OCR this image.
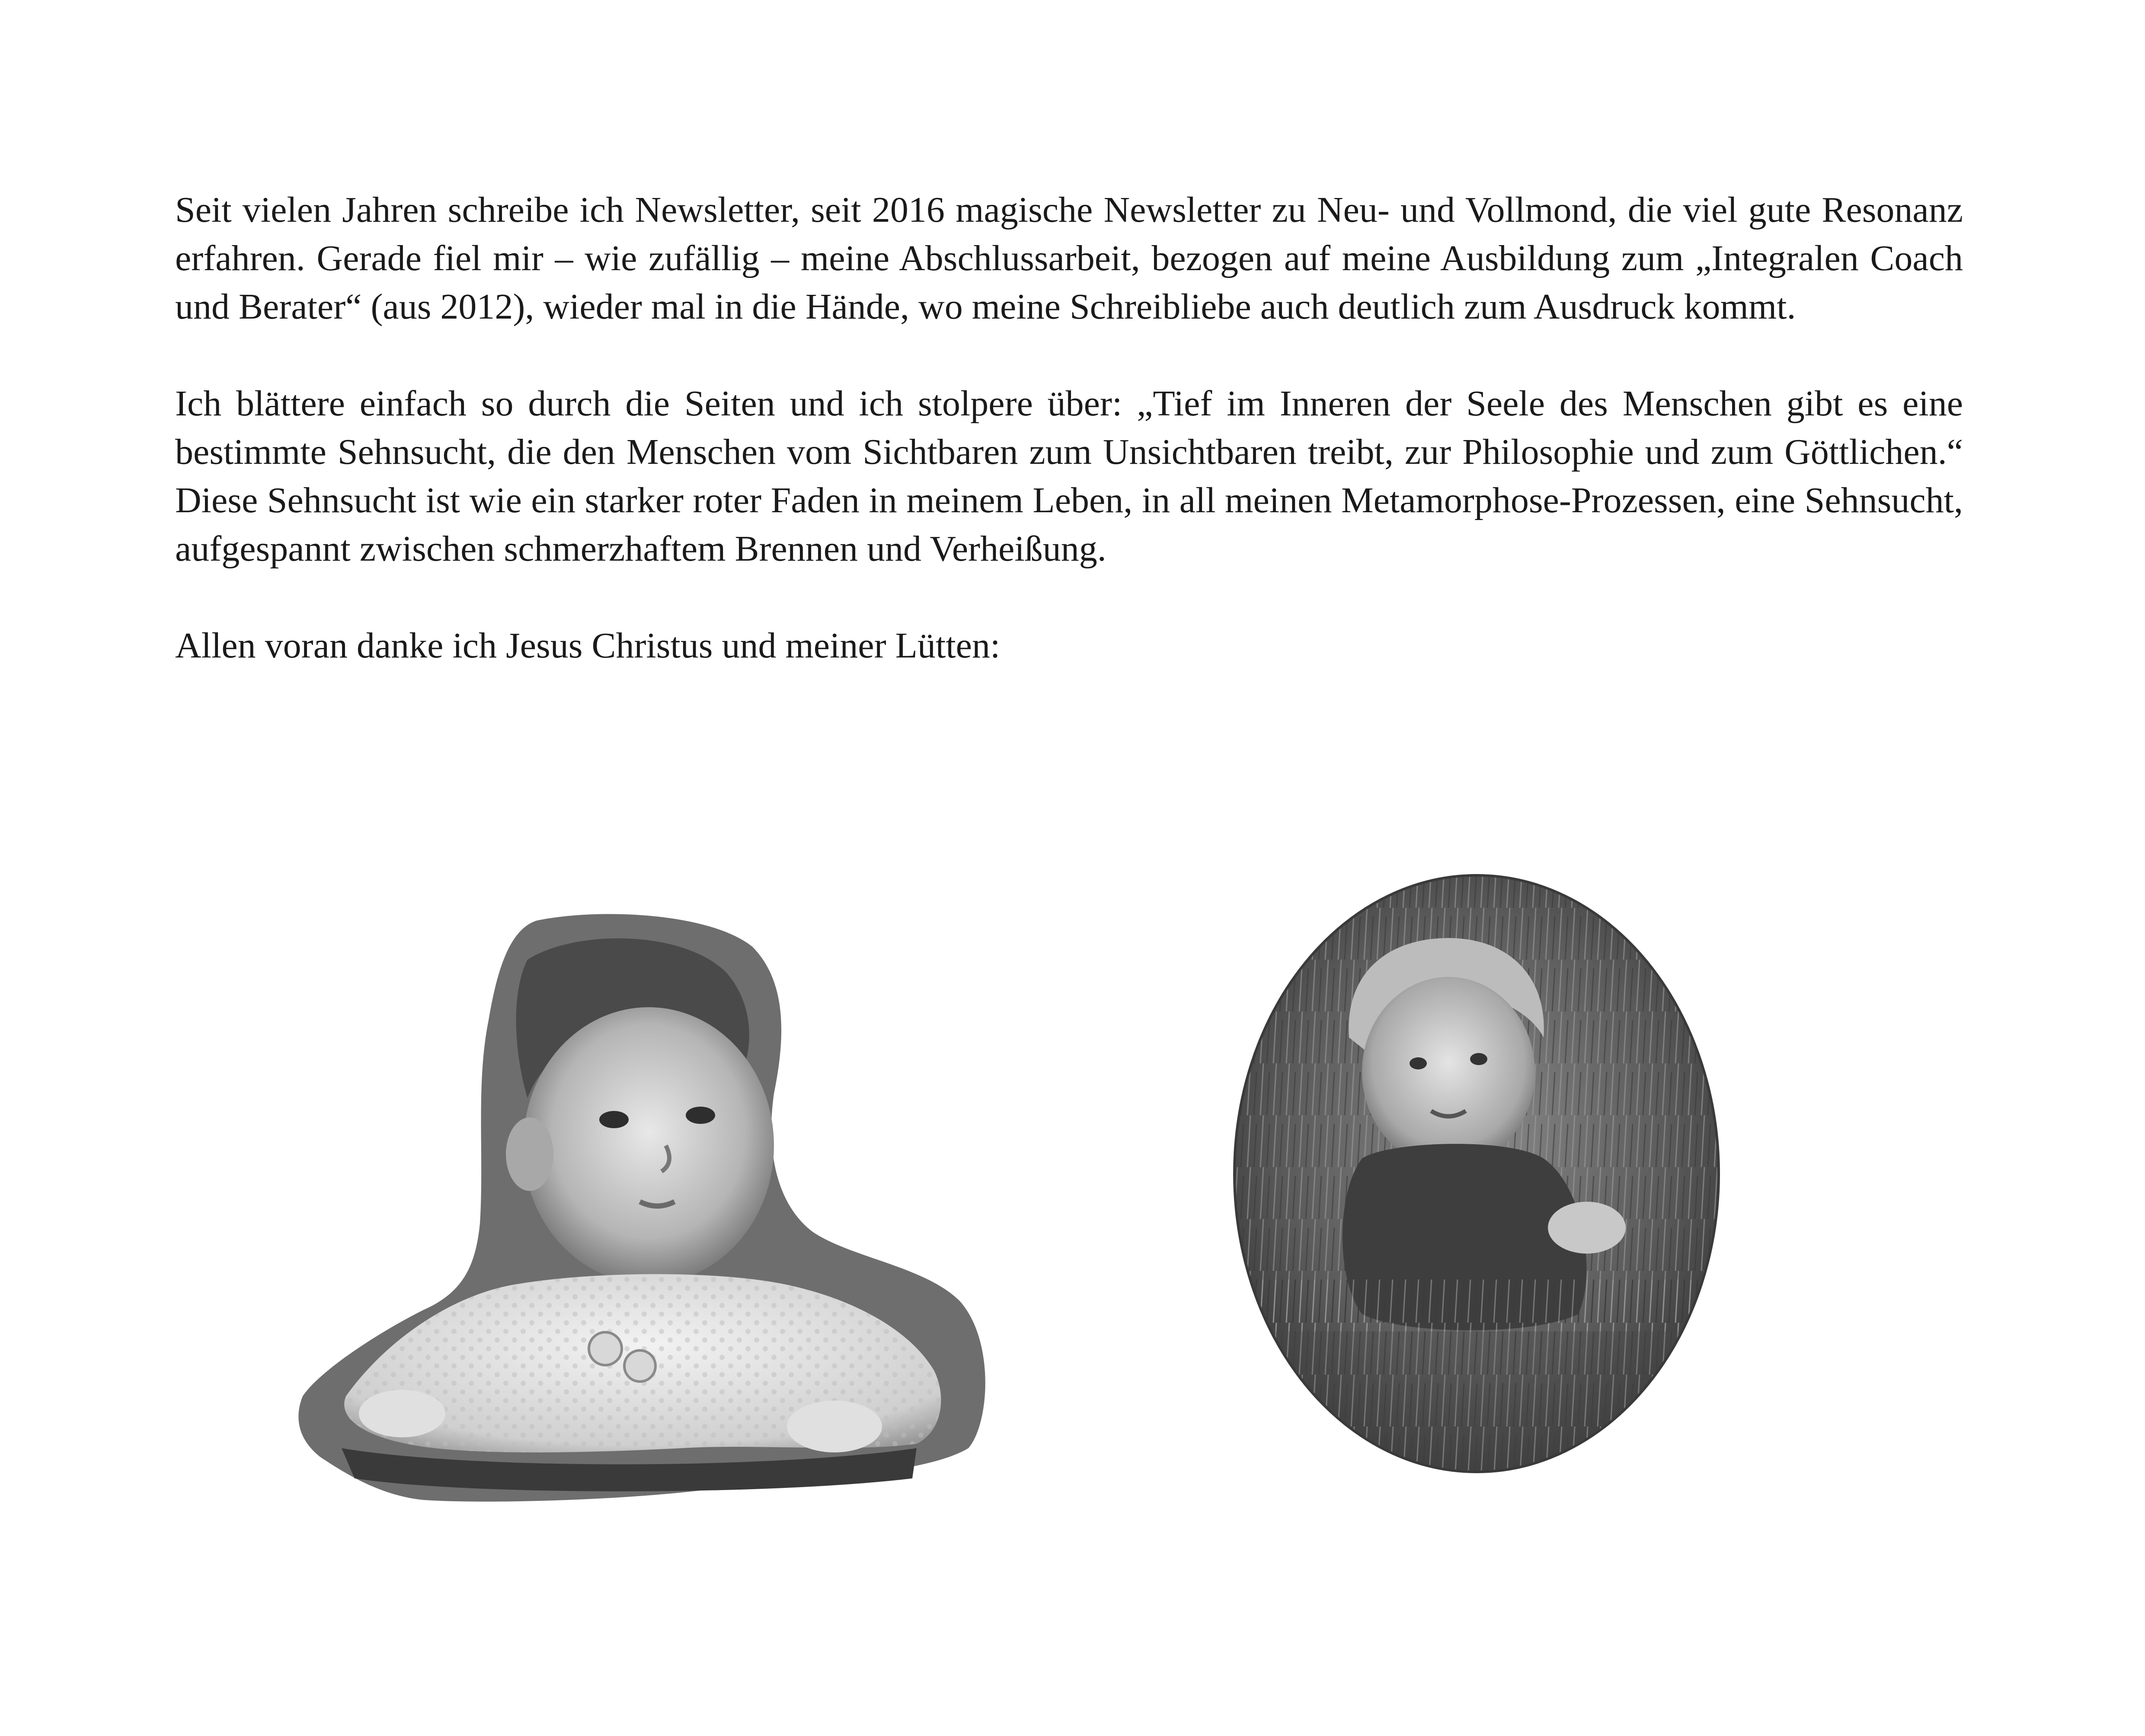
Seit vielen Jahren schreibe ich Newsletter, seit 2016 magische Newsletter zu Neu- und Vollmond, die viel gute Resonanz erfahren. Gerade fiel mir – wie zufällig – meine Abschlussarbeit, bezogen auf meine Ausbildung zum „Integralen Coach und Berater“ (aus 2012), wieder mal in die Hände, wo meine Schreibliebe auch deutlich zum Ausdruck kommt.

Ich blättere einfach so durch die Seiten und ich stolpere über: „Tief im Inneren der Seele des Menschen gibt es eine bestimmte Sehnsucht, die den Menschen vom Sichtbaren zum Unsichtbaren treibt, zur Philosophie und zum Göttlichen.“ Diese Sehnsucht ist wie ein starker roter Faden in meinem Leben, in all meinen Metamorphose-Prozessen, eine Sehnsucht, aufgespannt zwischen schmerzhaftem Brennen und Verheißung.

Allen voran danke ich Jesus Christus und meiner Lütten:
